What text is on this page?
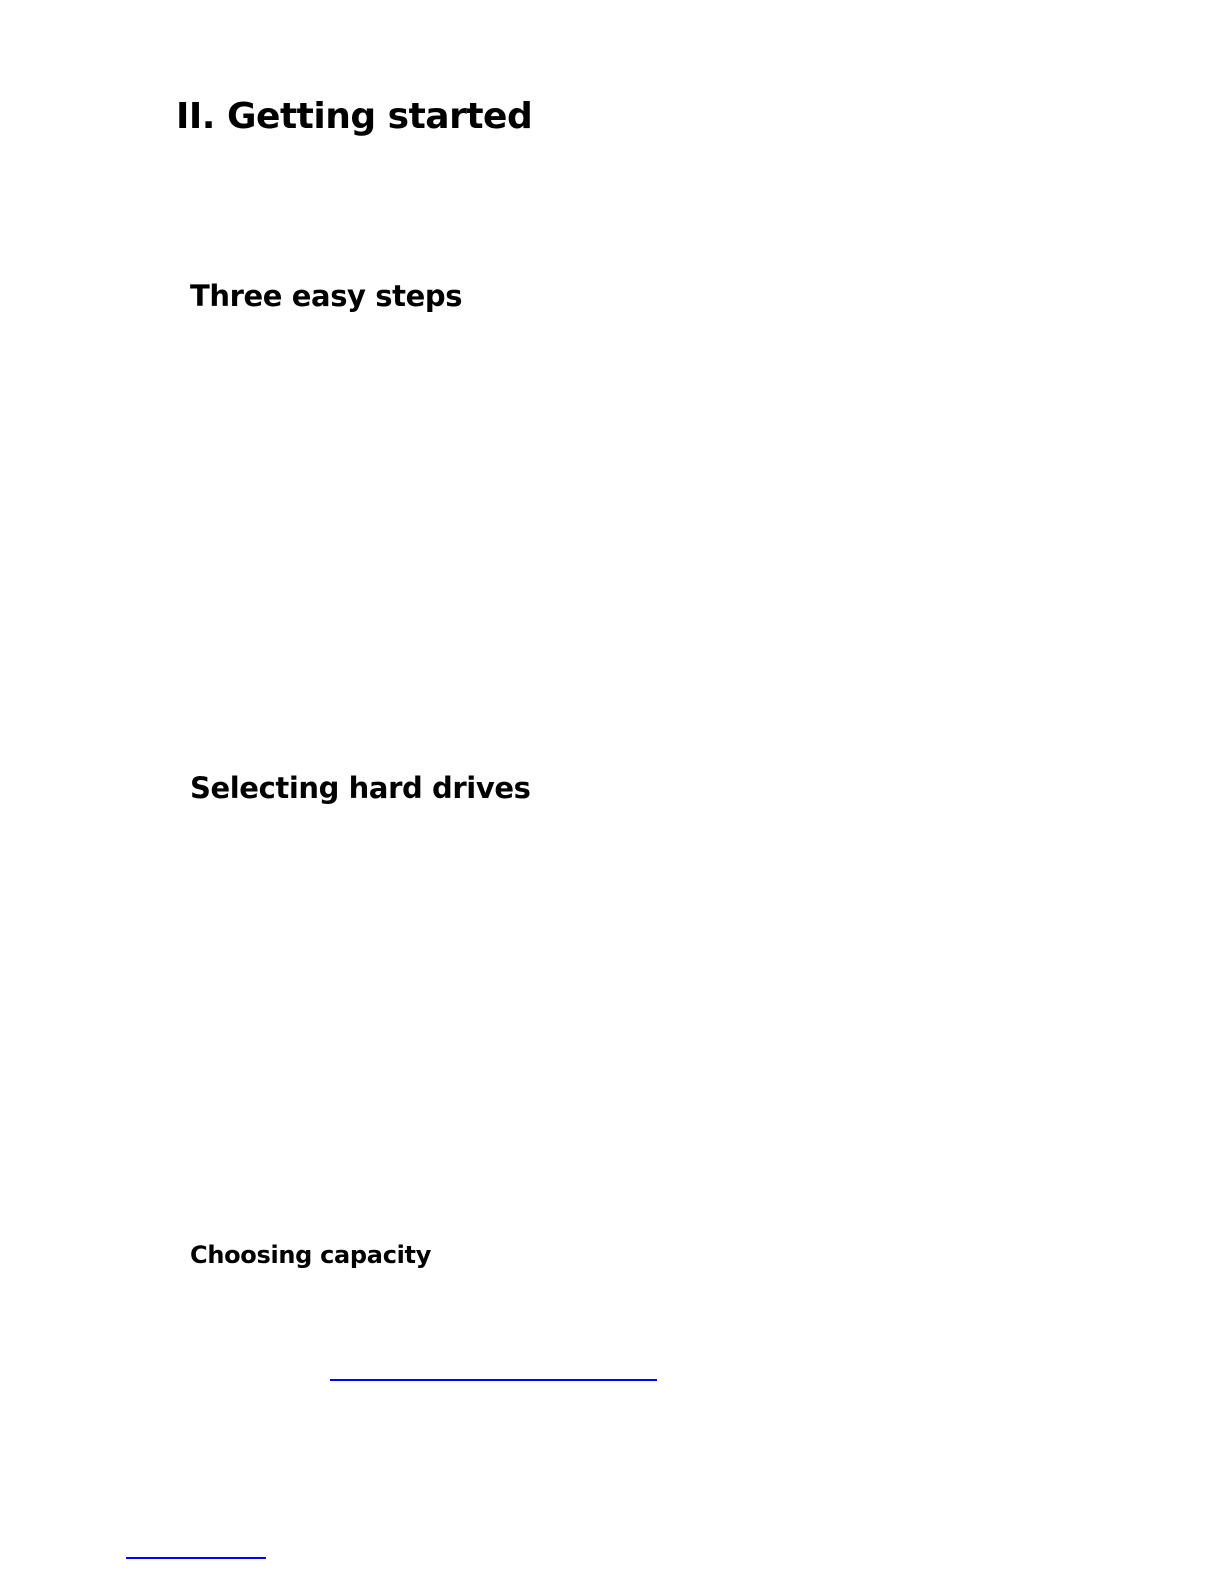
II. Getting started
Three easy steps
Selecting hard drives
Choosing capacity
